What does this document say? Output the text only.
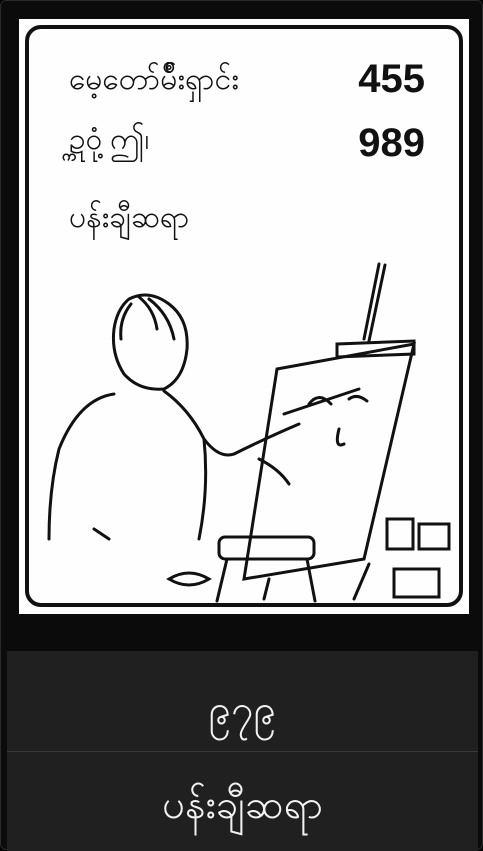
မေ့တော်မ်ိဳးရှာင်း	455
ဍ္ကဝုံ့ဤ၊	989
ပန်းချီဆရာ
၉၇၉
ပန်းချီဆရာ
